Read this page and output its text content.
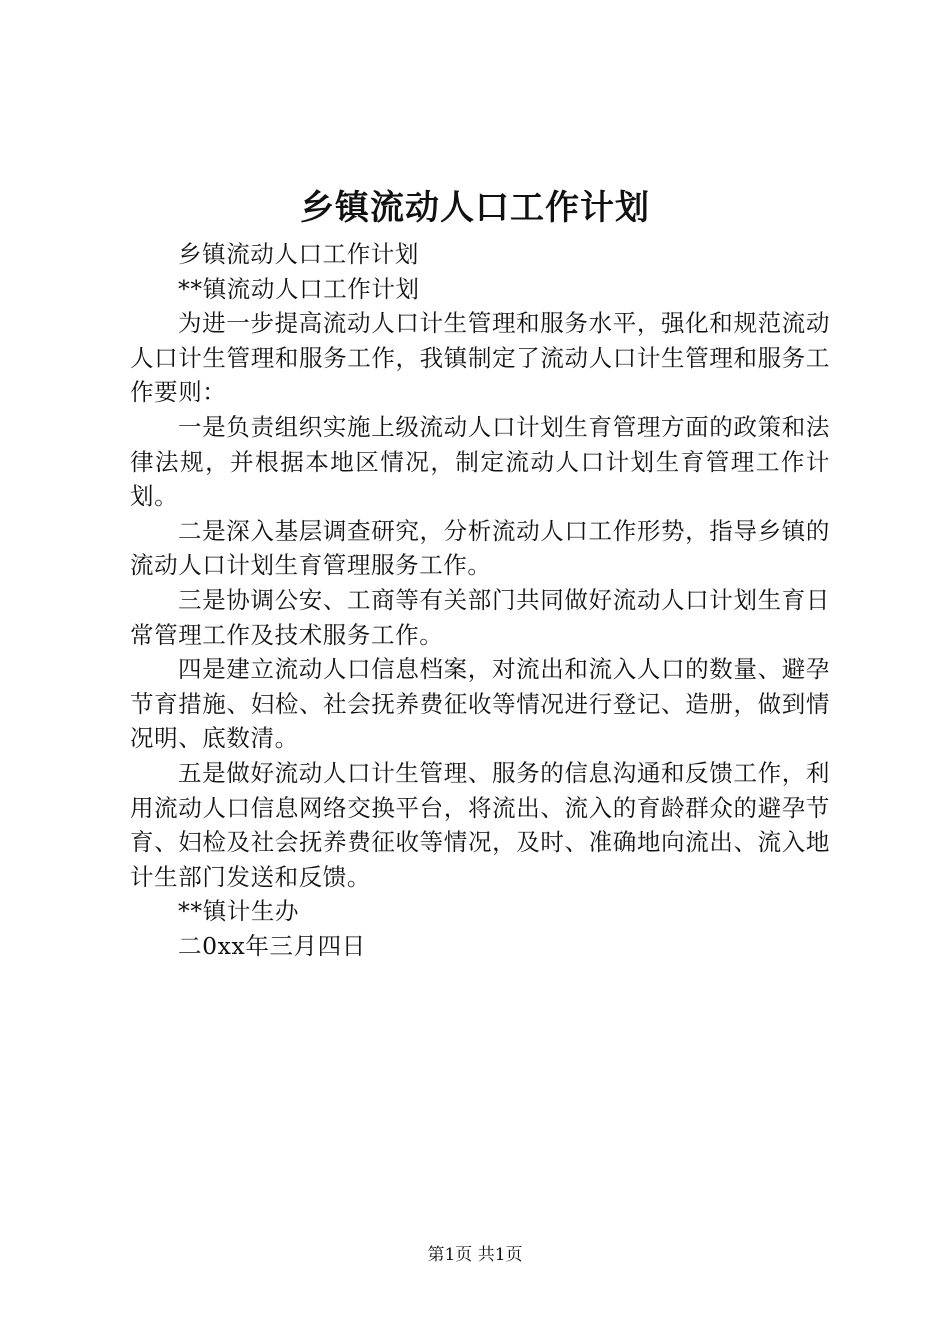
乡镇流动人口工作计划

乡镇流动人口工作计划

**镇流动人口工作计划

为进一步提高流动人口计生管理和服务水平，强化和规范流动人口计生管理和服务工作，我镇制定了流动人口计生管理和服务工作要则：

一是负责组织实施上级流动人口计划生育管理方面的政策和法律法规，并根据本地区情况，制定流动人口计划生育管理工作计划。

二是深入基层调查研究，分析流动人口工作形势，指导乡镇的流动人口计划生育管理服务工作。

三是协调公安、工商等有关部门共同做好流动人口计划生育日常管理工作及技术服务工作。

四是建立流动人口信息档案，对流出和流入人口的数量、避孕节育措施、妇检、社会抚养费征收等情况进行登记、造册，做到情况明、底数清。

五是做好流动人口计生管理、服务的信息沟通和反馈工作，利用流动人口信息网络交换平台，将流出、流入的育龄群众的避孕节育、妇检及社会抚养费征收等情况，及时、准确地向流出、流入地计生部门发送和反馈。

**镇计生办

二0xx年三月四日

第1页 共1页
